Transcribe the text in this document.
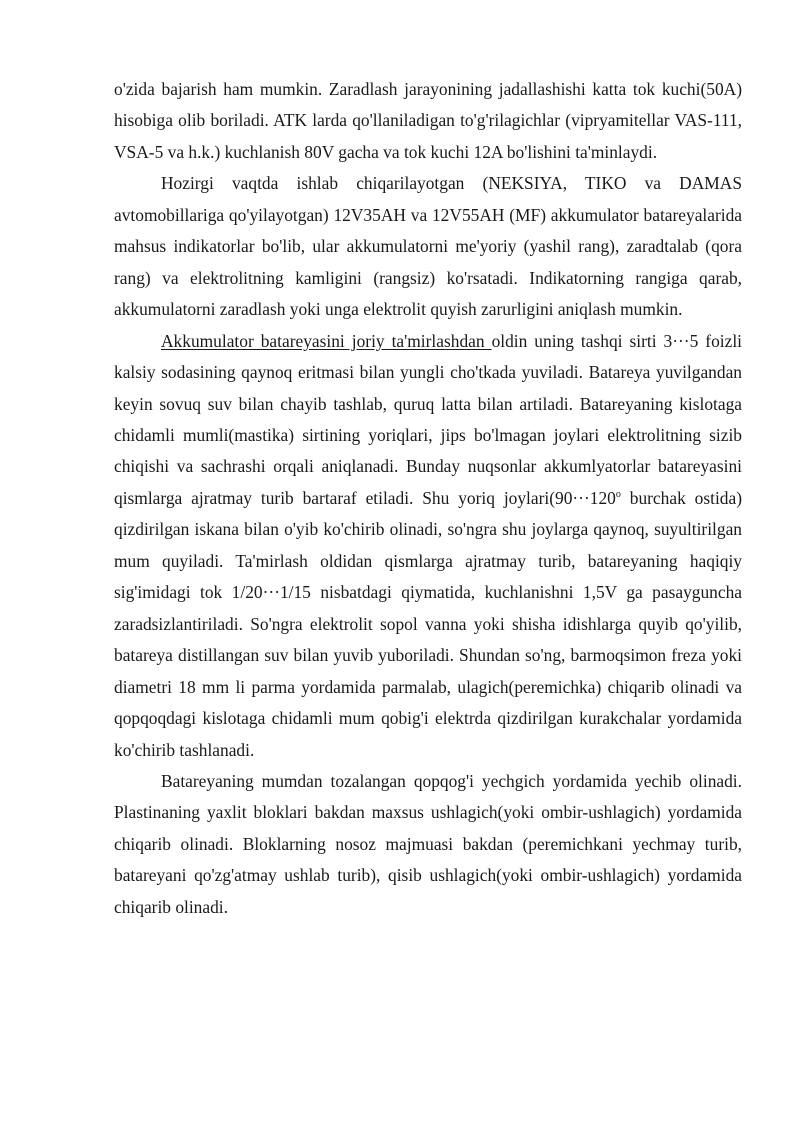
o'zida bajarish ham mumkin. Zaradlash jarayonining jadallashishi katta tok kuchi(50A) hisobiga olib boriladi. ATK larda qo'llaniladigan to'g'rilagichlar (vipryamitellar VAS-111, VSA-5 va h.k.) kuchlanish 80V gacha va tok kuchi 12A bo'lishini ta'minlaydi.

Hozirgi vaqtda ishlab chiqarilayotgan (NEKSIYA, TIKO va DAMAS avtomobillariga qo'yilayotgan) 12V35AH va 12V55AH (MF) akkumulator batareyalarida mahsus indikatorlar bo'lib, ular akkumulatorni me'yoriy (yashil rang), zaradtalab (qora rang) va elektrolitning kamligini (rangsiz) ko'rsatadi. Indikatorning rangiga qarab, akkumulatorni zaradlash yoki unga elektrolit quyish zarurligini aniqlash mumkin.

Akkumulator batareyasini joriy ta'mirlashdan oldin uning tashqi sirti 3···5 foizli kalsiy sodasining qaynoq eritmasi bilan yungli cho'tkada yuviladi. Batareya yuvilgandan keyin sovuq suv bilan chayib tashlab, quruq latta bilan artiladi. Batareyaning kislotaga chidamli mumli(mastika) sirtining yoriqlari, jips bo'lmagan joylari elektrolitning sizib chiqishi va sachrashi orqali aniqlanadi. Bunday nuqsonlar akkumlyatorlar batareyasini qismlarga ajratmay turib bartaraf etiladi. Shu yoriq $joylari(90\cdot\cdot\cdot 120^o$ burchak ostida) qizdirilgan iskana bilan o'yib ko'chirib olinadi, so'ngra shu joylarga qaynoq, suyultirilgan mum quyiladi. Ta'mirlash oldidan qismlarga ajratmay turib, batareyaning haqiqiy sig'imidagi tok 1/20···1/15 nisbatdagi qiymatida, kuchlanishni 1,5V ga pasayguncha zaradsizlantiriladi. So'ngra elektrolit sopol vanna yoki shisha idishlarga quyib qo'yilib, batareya distillangan suv bilan yuvib yuboriladi. Shundan so'ng, barmoqsimon freza yoki diametri 18 mm li parma yordamida parmalab, ulagich(peremichka) chiqarib olinadi va qopqoqdagi kislotaga chidamli mum qobig'i elektrda qizdirilgan kurakchalar yordamida ko'chirib tashlanadi.

Batareyaning mumdan tozalangan qopqog'i yechgich yordamida yechib olinadi. Plastinaning yaxlit bloklari bakdan maxsus ushlagich(yoki ombir-ushlagich) yordamida chiqarib olinadi. Bloklarning nosoz majmuasi bakdan (peremichkani yechmay turib, batareyani qo'zg'atmay ushlab turib), qisib ushlagich(yoki ombir-ushlagich) yordamida chiqarib olinadi.
